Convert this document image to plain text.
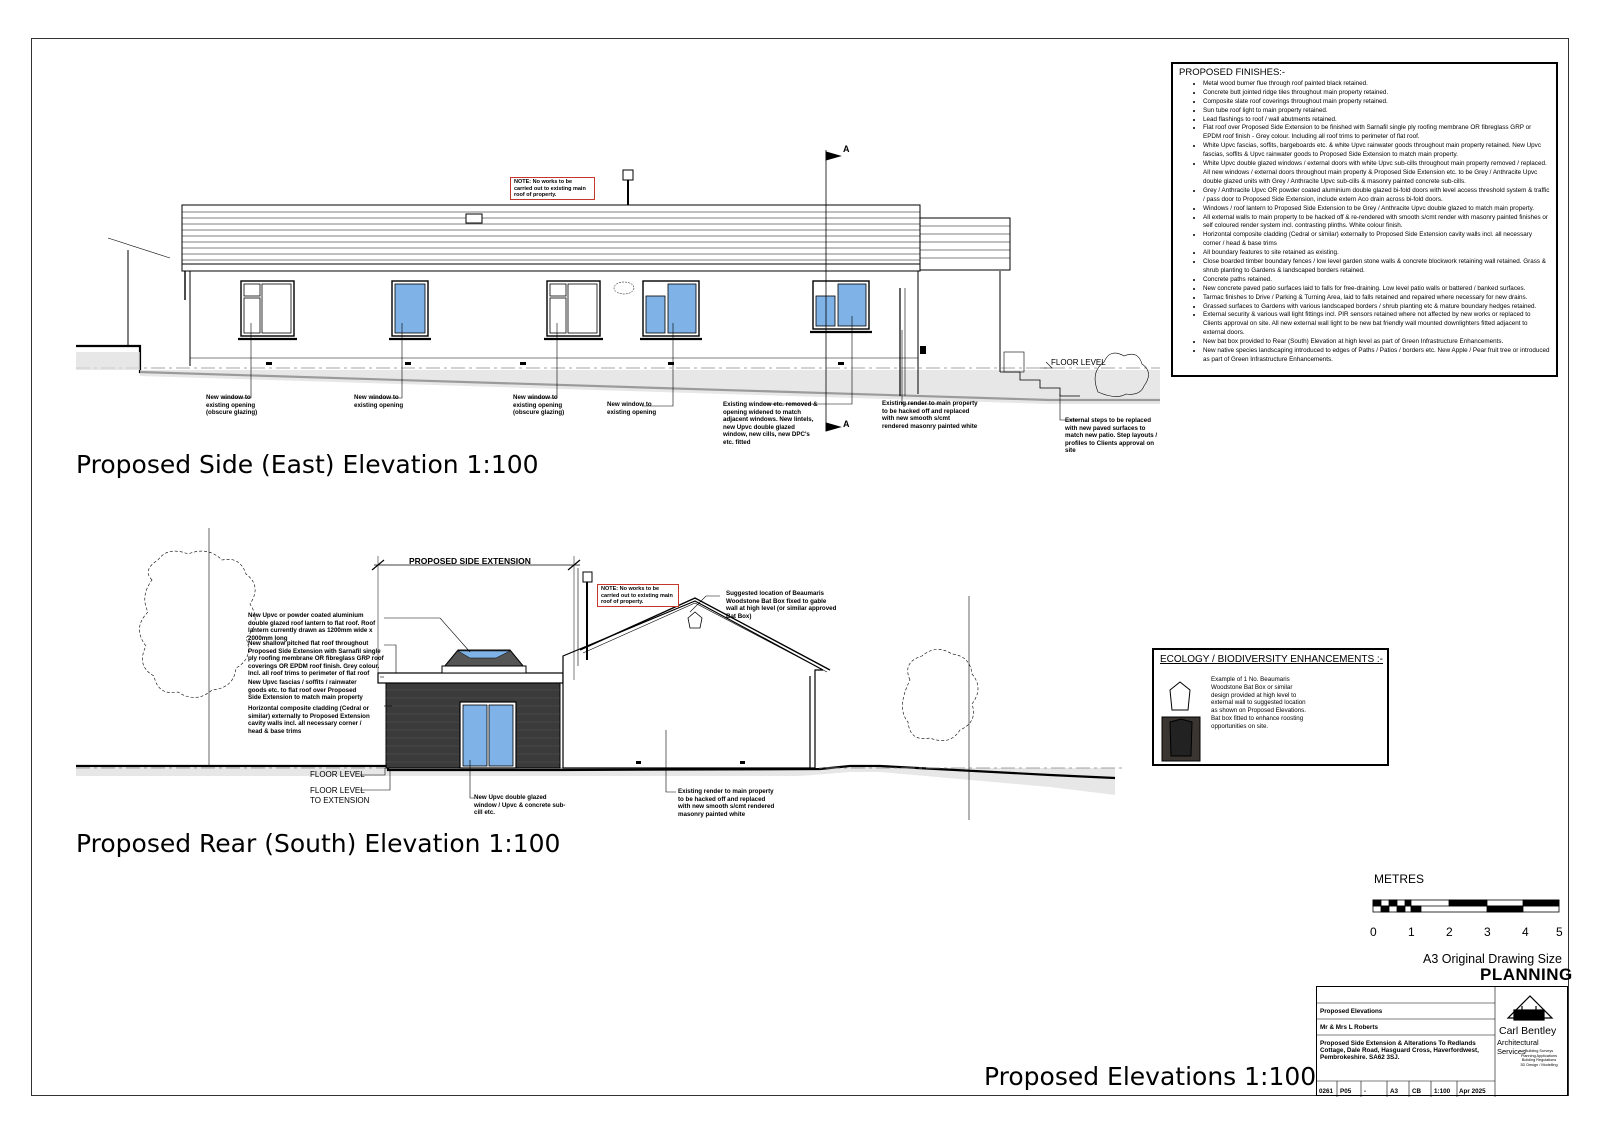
NOTE: No works to be carried out to existing main roof of property.
A
A
FLOOR LEVEL
New window to existing opening (obscure glazing)
New window to existing opening
New window to existing opening (obscure glazing)
New window to existing opening
Existing window etc. removed & opening widened to match adjacent windows. New lintels, new Upvc double glazed window, new cills, new DPC's etc. fitted
Existing render to main property to be hacked off and replaced with new smooth s/cmt rendered masonry painted white
External steps to be replaced with new paved surfaces to match new patio. Step layouts / profiles to Clients approval on site
Proposed Side (East) Elevation 1:100
PROPOSED SIDE EXTENSION
NOTE: No works to be carried out to existing main roof of property.
New Upvc or powder coated aluminium double glazed roof lantern to flat roof. Roof lantern currently drawn as 1200mm wide x 2000mm long
New shallow pitched flat roof throughout Proposed Side Extension with Sarnafil single ply roofing membrane OR fibreglass GRP roof coverings OR EPDM roof finish. Grey colour. Incl. all roof trims to perimeter of flat roof
New Upvc fascias / soffits / rainwater goods etc. to flat roof over Proposed Side Extension to match main property
Horizontal composite cladding (Cedral or similar) externally to Proposed Extension cavity walls incl. all necessary corner / head & base trims
Suggested location of Beaumaris Woodstone Bat Box fixed to gable wall at high level (or similar approved Bat Box)
New Upvc double glazed window / Upvc & concrete sub-cill etc.
Existing render to main property to be hacked off and replaced with new smooth s/cmt rendered masonry painted white
FLOOR LEVEL
FLOOR LEVEL
TO EXTENSION
Proposed Rear (South) Elevation 1:100
PROPOSED FINISHES:-
• Metal wood burner flue through roof painted black retained.
• Concrete butt jointed ridge tiles throughout main property retained.
• Composite slate roof coverings throughout main property retained.
• Sun tube roof light to main property retained.
• Lead flashings to roof / wall abutments retained.
• Flat roof over Proposed Side Extension to be finished with Sarnafil single ply roofing membrane OR fibreglass GRP or EPDM roof finish - Grey colour. Including all roof trims to perimeter of flat roof.
• White Upvc fascias, soffits, bargeboards etc. & white Upvc rainwater goods throughout main property retained. New Upvc fascias, soffits & Upvc rainwater goods to Proposed Side Extension to match main property.
• White Upvc double glazed windows / external doors with white Upvc sub-cills throughout main property removed / replaced. All new windows / external doors throughout main property & Proposed Side Extension etc. to be Grey / Anthracite Upvc double glazed units with Grey / Anthracite Upvc sub-cills & masonry painted concrete sub-cills.
• Grey / Anthracite Upvc OR powder coated aluminium double glazed bi-fold doors with level access threshold system & traffic / pass door to Proposed Side Extension, include extern Aco drain across bi-fold doors.
• Windows / roof lantern to Proposed Side Extension to be Grey / Anthracite Upvc double glazed to match main property.
• All external walls to main property to be hacked off & re-rendered with smooth s/cmt render with masonry painted finishes or self coloured render system incl. contrasting plinths. White colour finish.
• Horizontal composite cladding (Cedral or similar) externally to Proposed Side Extension cavity walls incl. all necessary corner / head & base trims
• All boundary features to site retained as existing.
• Close boarded timber boundary fences / low level garden stone walls & concrete blockwork retaining wall retained. Grass & shrub planting to Gardens & landscaped borders retained.
• Concrete paths retained.
• New concrete paved patio surfaces laid to falls for free-draining. Low level patio walls or battered / banked surfaces.
• Tarmac finishes to Drive / Parking & Turning Area, laid to falls retained and repaired where necessary for new drains.
• Grassed surfaces to Gardens with various landscaped borders / shrub planting etc & mature boundary hedges retained.
• External security & various wall light fittings incl. PIR sensors retained where not affected by new works or replaced to Clients approval on site. All new external wall light to be new bat friendly wall mounted downlighters fitted adjacent to external doors.
• New bat box provided to Rear (South) Elevation at high level as part of Green Infrastructure Enhancements.
• New native species landscaping introduced to edges of Paths / Patios / borders etc. New Apple / Pear fruit tree or introduced as part of Green Infrastructure Enhancements.
ECOLOGY / BIODIVERSITY ENHANCEMENTS :-
Example of 1 No. Beaumaris Woodstone Bat Box or similar design provided at high level to external wall to suggested location as shown on Proposed Elevations. Bat box fitted to enhance roosting opportunities on site.
METRES
0	1	2	3	4 5
A3 Original Drawing Size
PLANNING
Proposed Elevations 1:100
Proposed Elevations
Mr & Mrs L Roberts
Proposed Side Extension & Alterations To Redlands Cottage, Dale Road, Hasguard Cross, Haverfordwest, Pembrokeshire. SA62 3SJ.
0261 P05 -	A3 CB 1:100 Apr 2025
Carl Bentley
Architectural Services Building Surveys
Planning Applications
Building Regulations
3D Design / Modelling
